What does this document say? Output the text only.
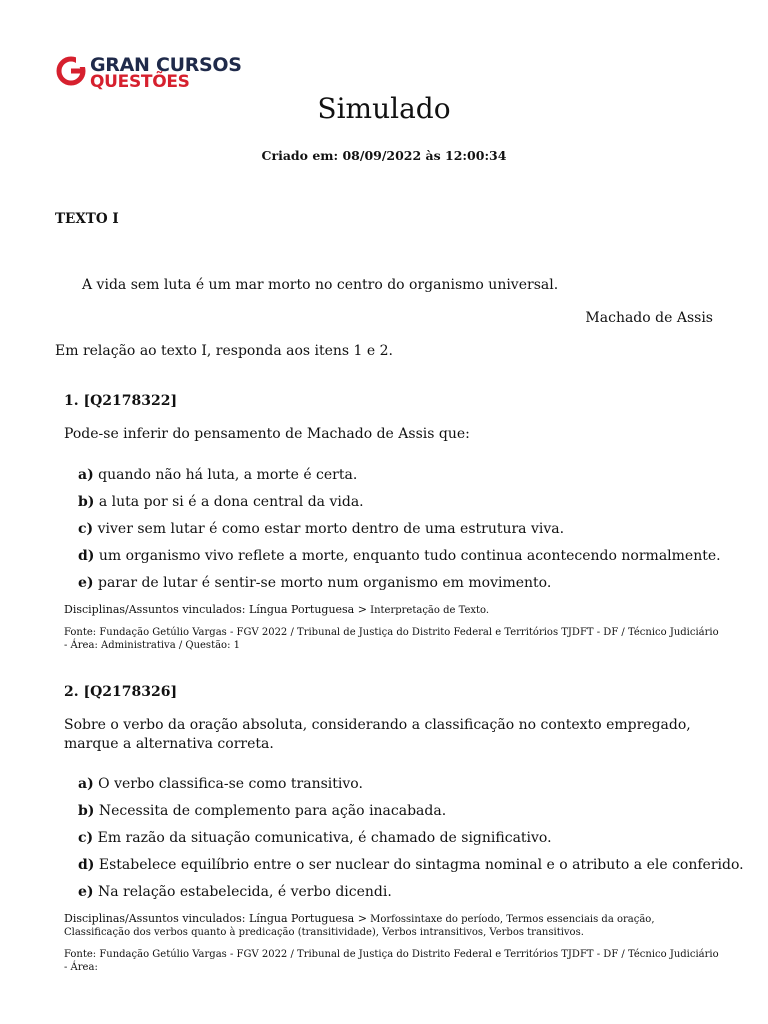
GRAN CURSOS
QUESTÕES
Simulado
Criado em: 08/09/2022 às 12:00:34
TEXTO I
A vida sem luta é um mar morto no centro do organismo universal.
Machado de Assis
Em relação ao texto I, responda aos itens 1 e 2.
1. [Q2178322]
Pode-se inferir do pensamento de Machado de Assis que:
a) quando não há luta, a morte é certa.
b) a luta por si é a dona central da vida.
c) viver sem lutar é como estar morto dentro de uma estrutura viva.
d) um organismo vivo reflete a morte, enquanto tudo continua acontecendo normalmente.
e) parar de lutar é sentir-se morto num organismo em movimento.
Disciplinas/Assuntos vinculados: Língua Portuguesa > Interpretação de Texto.
Fonte: Fundação Getúlio Vargas - FGV 2022 / Tribunal de Justiça do Distrito Federal e Territórios TJDFT - DF / Técnico Judiciário - Área: Administrativa / Questão: 1
2. [Q2178326]
Sobre o verbo da oração absoluta, considerando a classificação no contexto empregado, marque a alternativa correta.
a) O verbo classifica-se como transitivo.
b) Necessita de complemento para ação inacabada.
c) Em razão da situação comunicativa, é chamado de significativo.
d) Estabelece equilíbrio entre o ser nuclear do sintagma nominal e o atributo a ele conferido.
e) Na relação estabelecida, é verbo dicendi.
Disciplinas/Assuntos vinculados: Língua Portuguesa > Morfossintaxe do período, Termos essenciais da oração, Classificação dos verbos quanto à predicação (transitividade), Verbos intransitivos, Verbos transitivos.
Fonte: Fundação Getúlio Vargas - FGV 2022 / Tribunal de Justiça do Distrito Federal e Territórios TJDFT - DF / Técnico Judiciário - Área:
